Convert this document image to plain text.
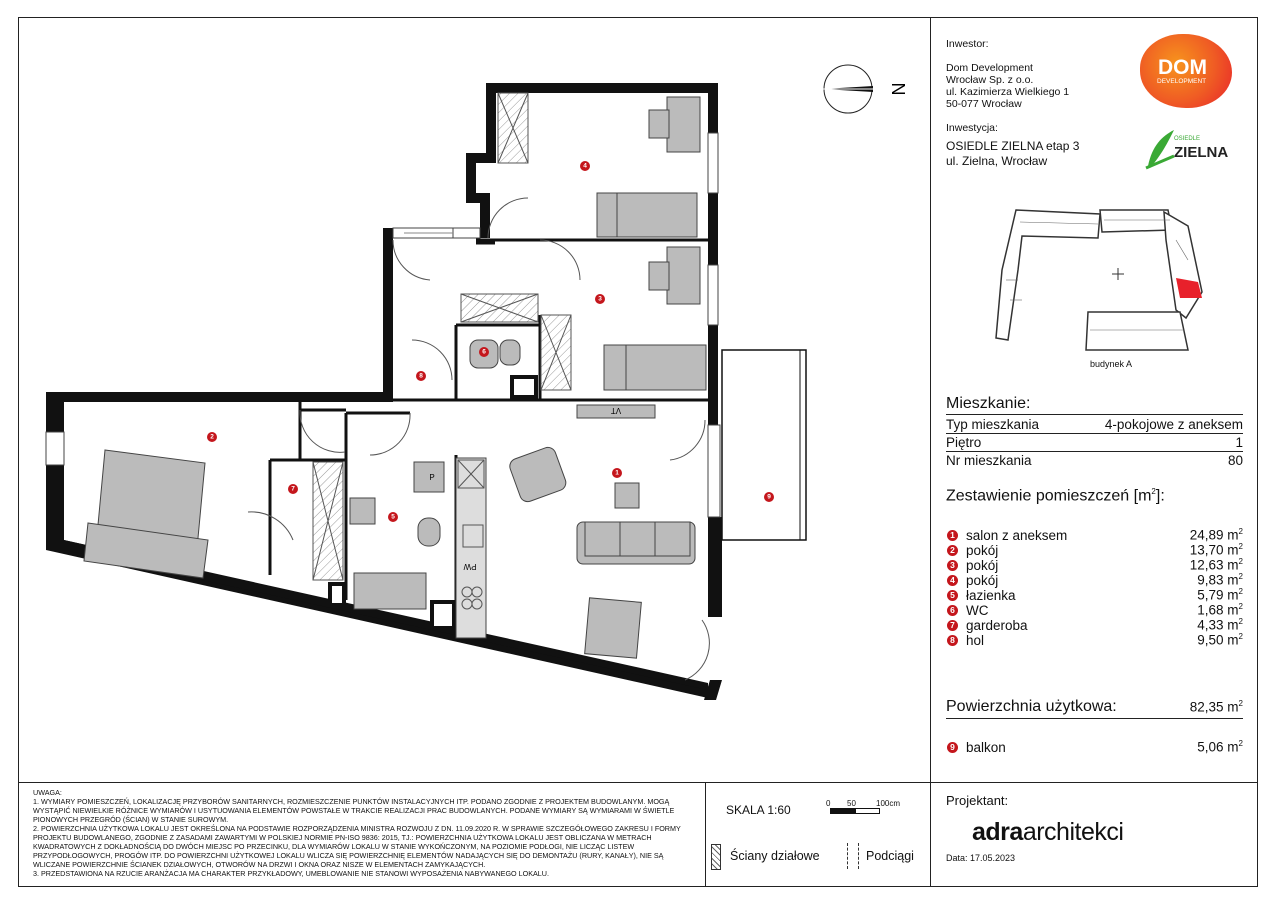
N
1
2
3
4
5
6
7
8
9
P
PW
VT
Inwestor:
Dom Development
Wrocław Sp. z o.o.
ul. Kazimierza Wielkiego 1
50-077 Wrocław
DOM
DEVELOPMENT
Inwestycja:
OSIEDLE ZIELNA etap 3
ul. Zielna, Wrocław
OSIEDLE
ZIELNA
budynek A
Mieszkanie:
Typ mieszkania	4-pokojowe z aneksem
Piętro	1
Nr mieszkania	80
Zestawienie pomieszczeń $[m^2]$:
1 salon z aneksem	24,89 $m^2$
2 pokój	13,70 $m^2$
3 pokój	12,63 $m^2$
4 pokój	9,83 $m^2$
5 łazienka	5,79 $m^2$
6 WC	1,68 $m^2$
7 garderoba	4,33 $m^2$
8 hol	9,50 $m^2$
Powierzchnia użytkowa:	82,35 $m^2$
9 balkon	5,06 $m^2$

UWAGA:

1. WYMIARY POMIESZCZEŃ, LOKALIZACJĘ PRZYBORÓW SANITARNYCH, ROZMIESZCZENIE PUNKTÓW INSTALACYJNYCH ITP. PODANO ZGODNIE Z PROJEKTEM BUDOWLANYM. MOGĄ

WYSTĄPIĆ NIEWIELKIE RÓŻNICE WYMIARÓW I USYTUOWANIA ELEMENTÓW POWSTAŁE W TRAKCIE REALIZACJI PRAC BUDOWLANYCH. PODANE WYMIARY SĄ WYMIARAMI W ŚWIETLE

PIONOWYCH PRZEGRÓD (ŚCIAN) W STANIE SUROWYM.

2. POWIERZCHNIA UŻYTKOWA LOKALU JEST OKREŚLONA NA PODSTAWIE ROZPORZĄDZENIA MINISTRA ROZWOJU Z DN. 11.09.2020 R. W SPRAWIE SZCZEGÓŁOWEGO ZAKRESU I FORMY

PROJEKTU BUDOWLANEGO, ZGODNIE Z ZASADAMI ZAWARTYMI W POLSKIEJ NORMIE PN-ISO 9836: 2015, TJ.: POWIERZCHNIA UŻYTKOWA LOKALU JEST OBLICZANA W METRACH

KWADRATOWYCH Z DOKŁADNOŚCIĄ DO DWÓCH MIEJSC PO PRZECINKU, DLA WYMIARÓW LOKALU W STANIE WYKOŃCZONYM, NA POZIOMIE PODŁOGI, NIE LICZĄC LISTEW

PRZYPODŁOGOWYCH, PROGÓW ITP. DO POWIERZCHNI UŻYTKOWEJ LOKALU WLICZA SIĘ POWIERZCHNIĘ ELEMENTÓW NADAJĄCYCH SIĘ DO DEMONTAŻU (RURY, KANAŁY), NIE SĄ

WLICZANE POWIERZCHNIE ŚCIANEK DZIAŁOWYCH, OTWORÓW NA DRZWI I OKNA ORAZ NISZE W ELEMENTACH ZAMYKAJĄCYCH.

3. PRZEDSTAWIONA NA RZUCIE ARANŻACJA MA CHARAKTER PRZYKŁADOWY, UMEBLOWANIE NIE STANOWI WYPOSAŻENIA NABYWANEGO LOKALU.

SKALA 1:60	0 50	100cm
Ściany działowe	Podciągi
Projektant:
adraarchitekci
Data: 17.05.2023
